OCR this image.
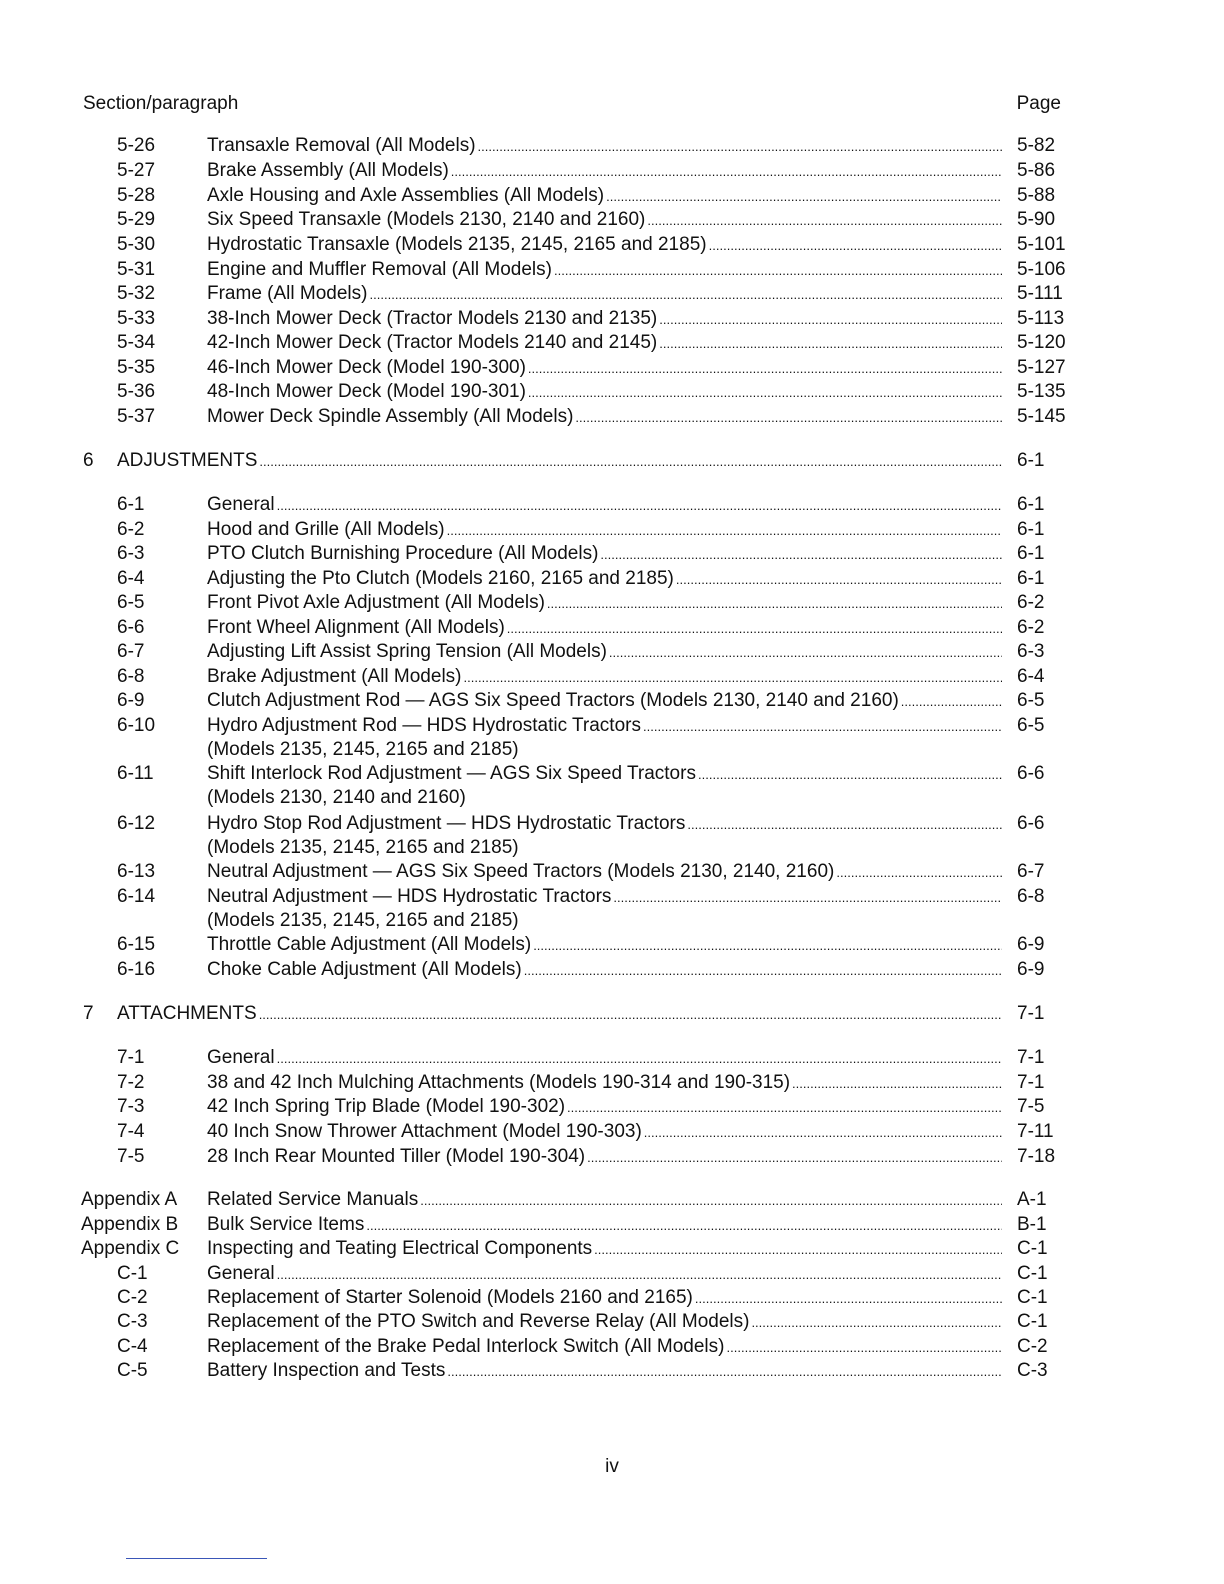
Section/paragraph	Page
5-26	Transaxle Removal (All Models) . . .	5-82
5-27	Brake Assembly (All Models) . . .	5-86
5-28	Axle Housing and Axle Assemblies (All Models) . . .	5-88
5-29	Six Speed Transaxle (Models 2130, 2140 and 2160) . . .	5-90
5-30	Hydrostatic Transaxle (Models 2135, 2145, 2165 and 2185) . . .	5-101
5-31	Engine and Muffler Removal (All Models) . . .	5-106
5-32	Frame (All Models) . . .	5-111
5-33	38-Inch Mower Deck (Tractor Models 2130 and 2135) . . .	5-113
5-34	42-Inch Mower Deck (Tractor Models 2140 and 2145) . . .	5-120
5-35	46-Inch Mower Deck (Model 190-300) . . .	5-127
5-36	48-Inch Mower Deck (Model 190-301) . . .	5-135
5-37	Mower Deck Spindle Assembly (All Models) . . .	5-145
6 ADJUSTMENTS . . .	6-1
6-1	General . . .	6-1
6-2	Hood and Grille (All Models) . . .	6-1
6-3	PTO Clutch Burnishing Procedure (All Models) . . .	6-1
6-4	Adjusting the Pto Clutch (Models 2160, 2165 and 2185) . . .	6-1
6-5	Front Pivot Axle Adjustment (All Models) . . .	6-2
6-6	Front Wheel Alignment (All Models) . . .	6-2
6-7	Adjusting Lift Assist Spring Tension (All Models) . . .	6-3
6-8	Brake Adjustment (All Models) . . .	6-4
6-9	Clutch Adjustment Rod — AGS Six Speed Tractors (Models 2130, 2140 and 2160) . . .	6-5
6-10	Hydro Adjustment Rod — HDS Hydrostatic Tractors . . .	6-5
(Models 2135, 2145, 2165 and 2185)
6-11	Shift Interlock Rod Adjustment — AGS Six Speed Tractors . . .	6-6
(Models 2130, 2140 and 2160)
6-12	Hydro Stop Rod Adjustment — HDS Hydrostatic Tractors . . .	6-6
(Models 2135, 2145, 2165 and 2185)
6-13	Neutral Adjustment — AGS Six Speed Tractors (Models 2130, 2140, 2160) . . .	6-7
6-14	Neutral Adjustment — HDS Hydrostatic Tractors . . .	6-8
(Models 2135, 2145, 2165 and 2185)
6-15	Throttle Cable Adjustment (All Models) . . .	6-9
6-16	Choke Cable Adjustment (All Models) . . .	6-9
7 ATTACHMENTS . . .	7-1
7-1	General . . .	7-1
7-2	38 and 42 Inch Mulching Attachments (Models 190-314 and 190-315) . . .	7-1
7-3	42 Inch Spring Trip Blade (Model 190-302) . . .	7-5
7-4	40 Inch Snow Thrower Attachment (Model 190-303) . . .	7-11
7-5	28 Inch Rear Mounted Tiller (Model 190-304) . . .	7-18
Appendix A Related Service Manuals . . .	A-1
Appendix B Bulk Service Items . . .	B-1
Appendix C Inspecting and Teating Electrical Components . . .	C-1
C-1	General . . .	C-1
C-2	Replacement of Starter Solenoid (Models 2160 and 2165) . . .	C-1
C-3	Replacement of the PTO Switch and Reverse Relay (All Models) . . .	C-1
C-4	Replacement of the Brake Pedal Interlock Switch (All Models) . . .	C-2
C-5	Battery Inspection and Tests . . .	C-3
iv
